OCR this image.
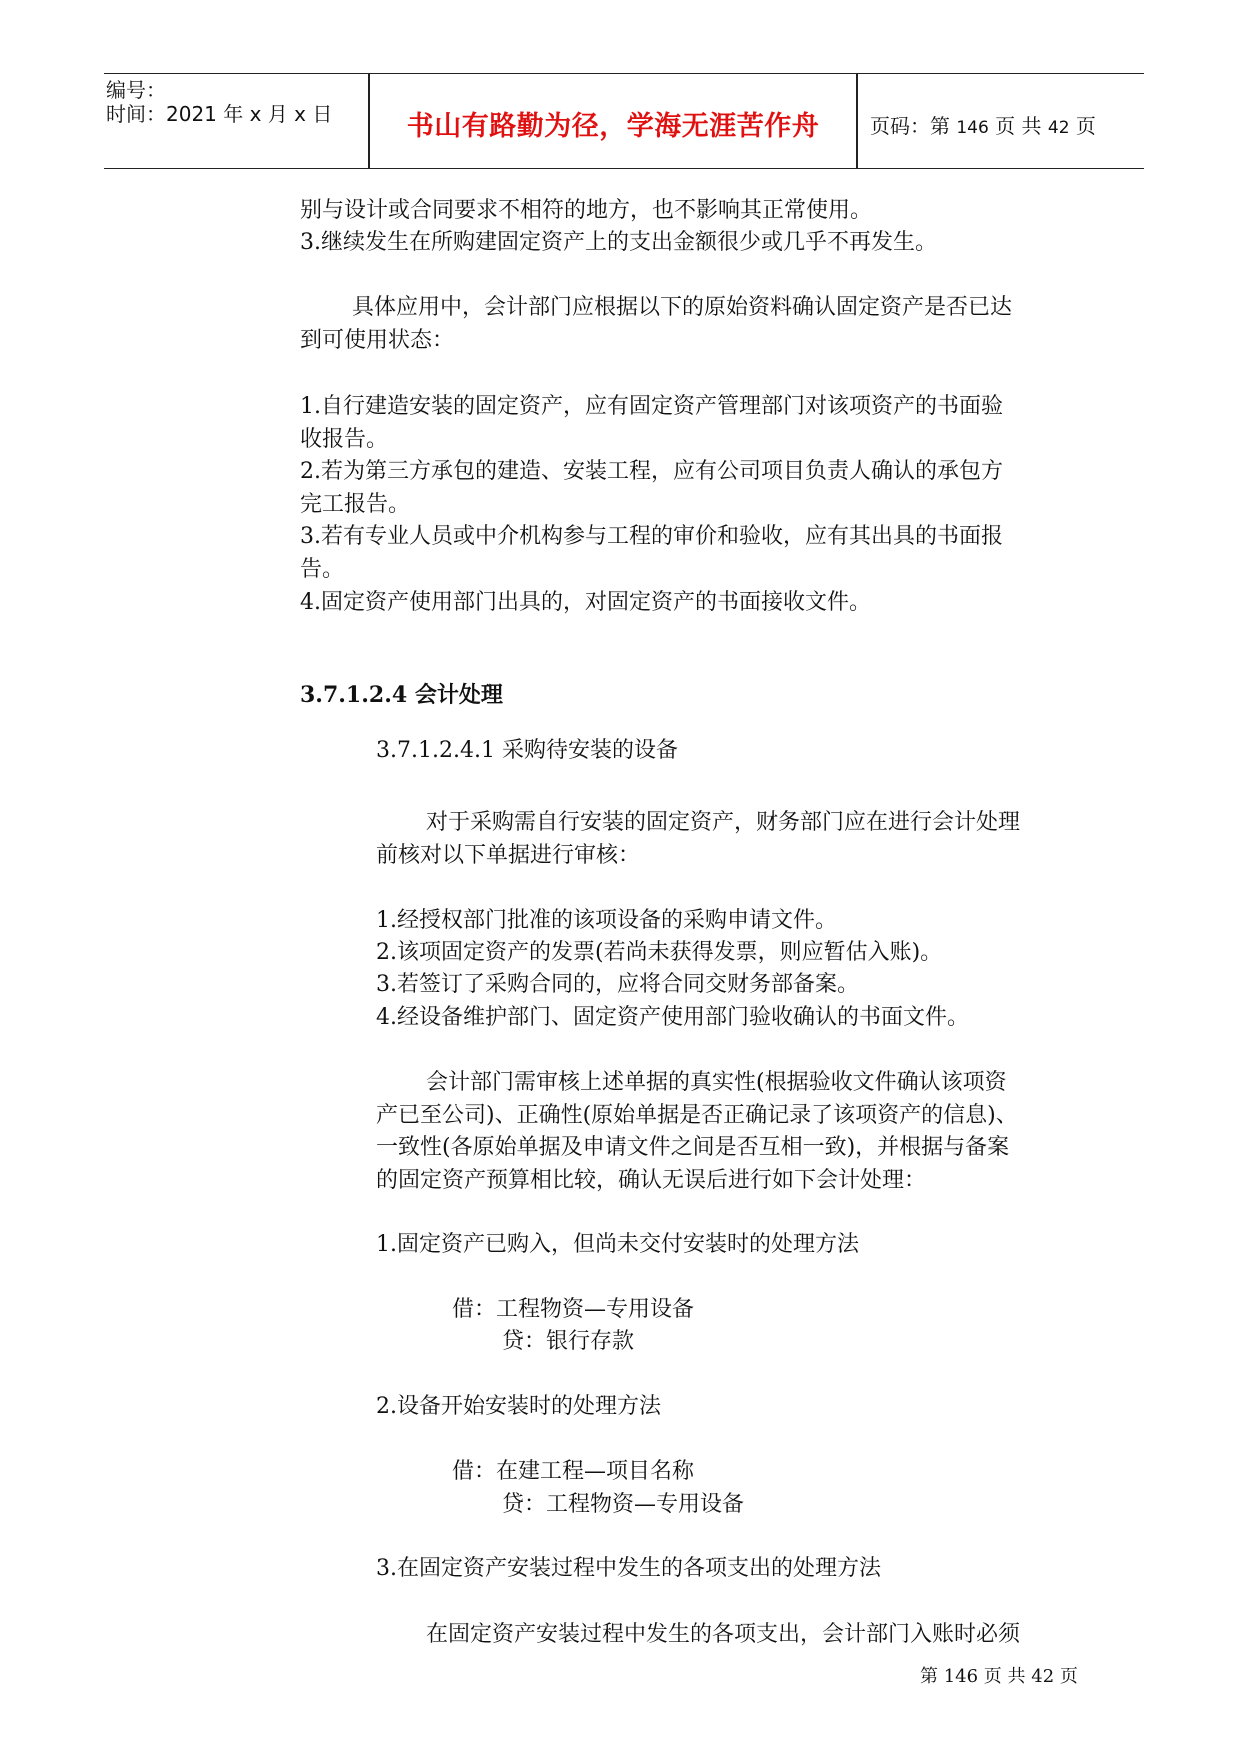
编号：
时间：2021 年 x 月 x 日	书山有路勤为径，学海无涯苦作舟	页码：第 146 页 共 42 页
别与设计或合同要求不相符的地方，也不影响其正常使用。
3.继续发生在所购建固定资产上的支出金额很少或几乎不再发生。
具体应用中，会计部门应根据以下的原始资料确认固定资产是否已达
到可使用状态：
1.自行建造安装的固定资产，应有固定资产管理部门对该项资产的书面验
收报告。
2.若为第三方承包的建造、安装工程，应有公司项目负责人确认的承包方
完工报告。
3.若有专业人员或中介机构参与工程的审价和验收，应有其出具的书面报
告。
4.固定资产使用部门出具的，对固定资产的书面接收文件。
3.7.1.2.4 会计处理
3.7.1.2.4.1 采购待安装的设备
对于采购需自行安装的固定资产，财务部门应在进行会计处理
前核对以下单据进行审核：
1.经授权部门批准的该项设备的采购申请文件。
2.该项固定资产的发票(若尚未获得发票，则应暂估入账)。
3.若签订了采购合同的，应将合同交财务部备案。
4.经设备维护部门、固定资产使用部门验收确认的书面文件。
会计部门需审核上述单据的真实性(根据验收文件确认该项资
产已至公司)、正确性(原始单据是否正确记录了该项资产的信息)、
一致性(各原始单据及申请文件之间是否互相一致)，并根据与备案
的固定资产预算相比较，确认无误后进行如下会计处理：
1.固定资产已购入，但尚未交付安装时的处理方法
借：工程物资—专用设备
贷：银行存款
2.设备开始安装时的处理方法
借：在建工程—项目名称
贷：工程物资—专用设备
3.在固定资产安装过程中发生的各项支出的处理方法
在固定资产安装过程中发生的各项支出，会计部门入账时必须
第 146 页 共 42 页
